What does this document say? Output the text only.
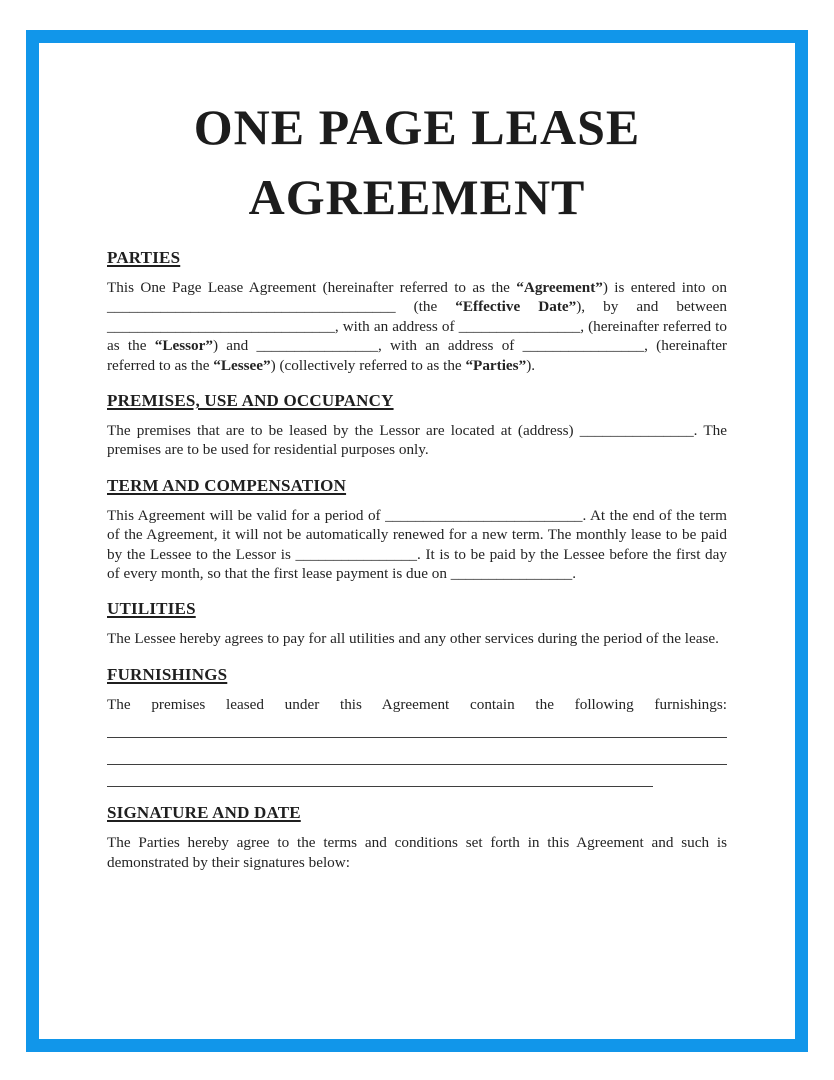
ONE PAGE LEASE
AGREEMENT
PARTIES

This One Page Lease Agreement (hereinafter referred to as the “Agreement”) is entered into on ______________________________________ (the “Effective Date”), by and between ______________________________, with an address of ________________, (hereinafter referred to as the “Lessor”) and ________________, with an address of ________________, (hereinafter referred to as the “Lessee”) (collectively referred to as the “Parties”).

PREMISES, USE AND OCCUPANCY

The premises that are to be leased by the Lessor are located at (address) _______________. The premises are to be used for residential purposes only.

TERM AND COMPENSATION

This Agreement will be valid for a period of __________________________. At the end of the term of the Agreement, it will not be automatically renewed for a new term. The monthly lease to be paid by the Lessee to the Lessor is ________________. It is to be paid by the Lessee before the first day of every month, so that the first lease payment is due on ________________.

UTILITIES

The Lessee hereby agrees to pay for all utilities and any other services during the period of the lease.

FURNISHINGS

The premises leased under this Agreement contain the following furnishings:

SIGNATURE AND DATE

The Parties hereby agree to the terms and conditions set forth in this Agreement and such is demonstrated by their signatures below:
